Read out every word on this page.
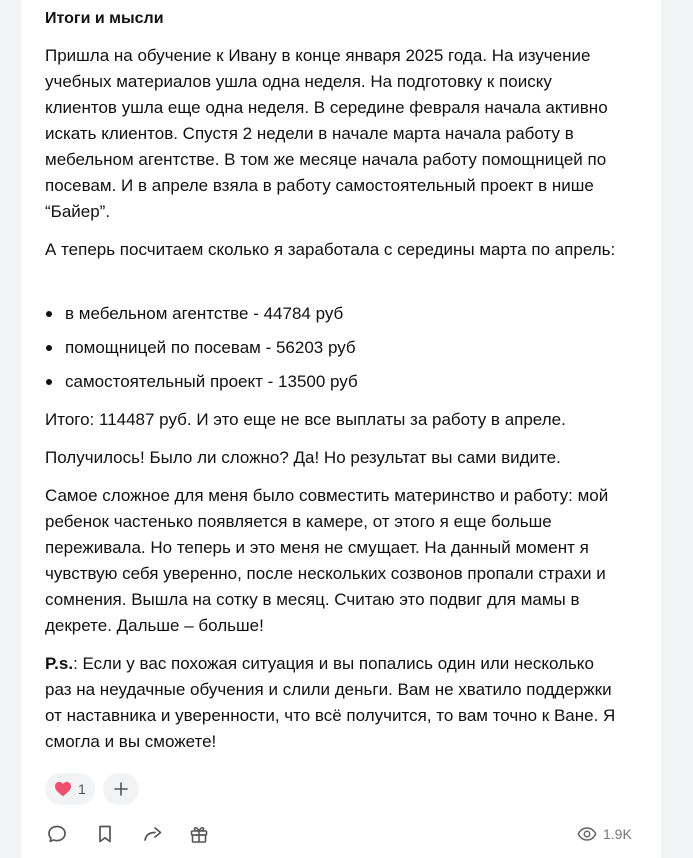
Итоги и мысли

Пришла на обучение к Ивану в конце января 2025 года. На изучение учебных материалов ушла одна неделя. На подготовку к поиску клиентов ушла еще одна неделя. В середине февраля начала активно искать клиентов. Спустя 2 недели в начале марта начала работу в мебельном агентстве. В том же месяце начала работу помощницей по посевам. И в апреле взяла в работу самостоятельный проект в нише “Байер”.

А теперь посчитаем сколько я заработала с середины марта по апрель:

в мебельном агентстве - 44784 руб
помощницей по посевам - 56203 руб
самостоятельный проект - 13500 руб

Итого: 114487 руб. И это еще не все выплаты за работу в апреле.

Получилось! Было ли сложно? Да! Но результат вы сами видите.

Самое сложное для меня было совместить материнство и работу: мой ребенок частенько появляется в камере, от этого я еще больше переживала. Но теперь и это меня не смущает. На данный момент я чувствую себя уверенно, после нескольких созвонов пропали страхи и сомнения. Вышла на сотку в месяц. Считаю это подвиг для мамы в декрете. Дальше – больше!

P.s.: Если у вас похожая ситуация и вы попались один или несколько раз на неудачные обучения и слили деньги. Вам не хватило поддержки от наставника и уверенности, что всё получится, то вам точно к Ване. Я смогла и вы сможете!

1
1.9K
